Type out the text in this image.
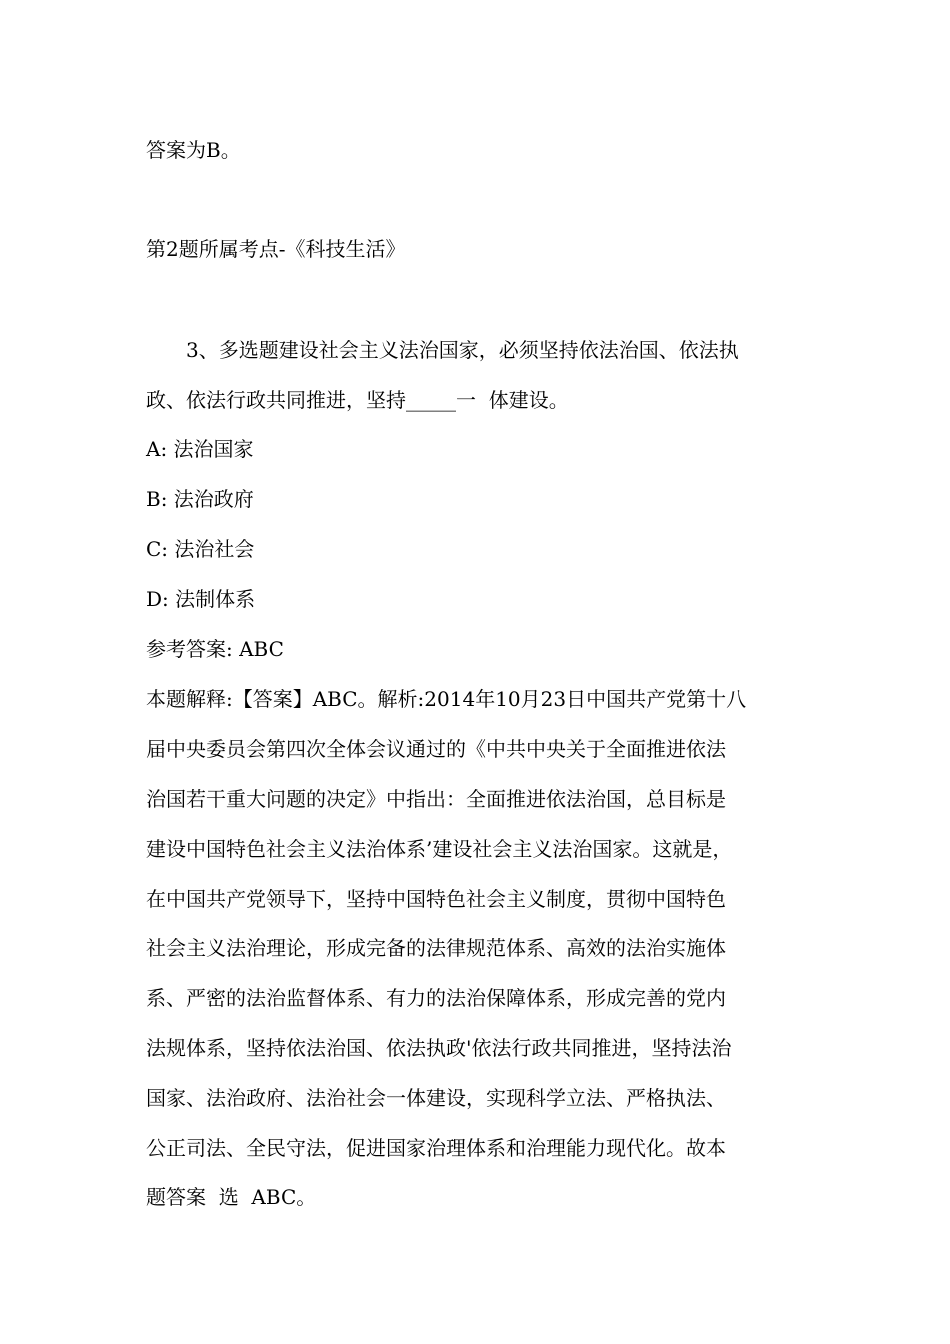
答案为B。
第2题所属考点-《科技生活》
3、多选题建设社会主义法治国家，必须坚持依法治国、依法执
政、依法行政共同推进，坚持_____一  体建设。
A: 法治国家
B: 法治政府
C: 法治社会
D: 法制体系
参考答案: ABC
本题解释:【答案】ABC。解析:2014年10月23日中国共产党第十八
届中央委员会第四次全体会议通过的《中共中央关于全面推进依法
治国若干重大问题的决定》中指出：全面推进依法治国，总目标是
建设中国特色社会主义法治体系’建设社会主义法治国家。这就是，
在中国共产党领导下，坚持中国特色社会主义制度，贯彻中国特色
社会主义法治理论，形成完备的法律规范体系、高效的法治实施体
系、严密的法治监督体系、有力的法治保障体系，形成完善的党内
法规体系，坚持依法治国、依法执政'依法行政共同推进，坚持法治
国家、法治政府、法治社会一体建设，实现科学立法、严格执法、
公正司法、全民守法，促进国家治理体系和治理能力现代化。故本
题答案  选  ABC。
